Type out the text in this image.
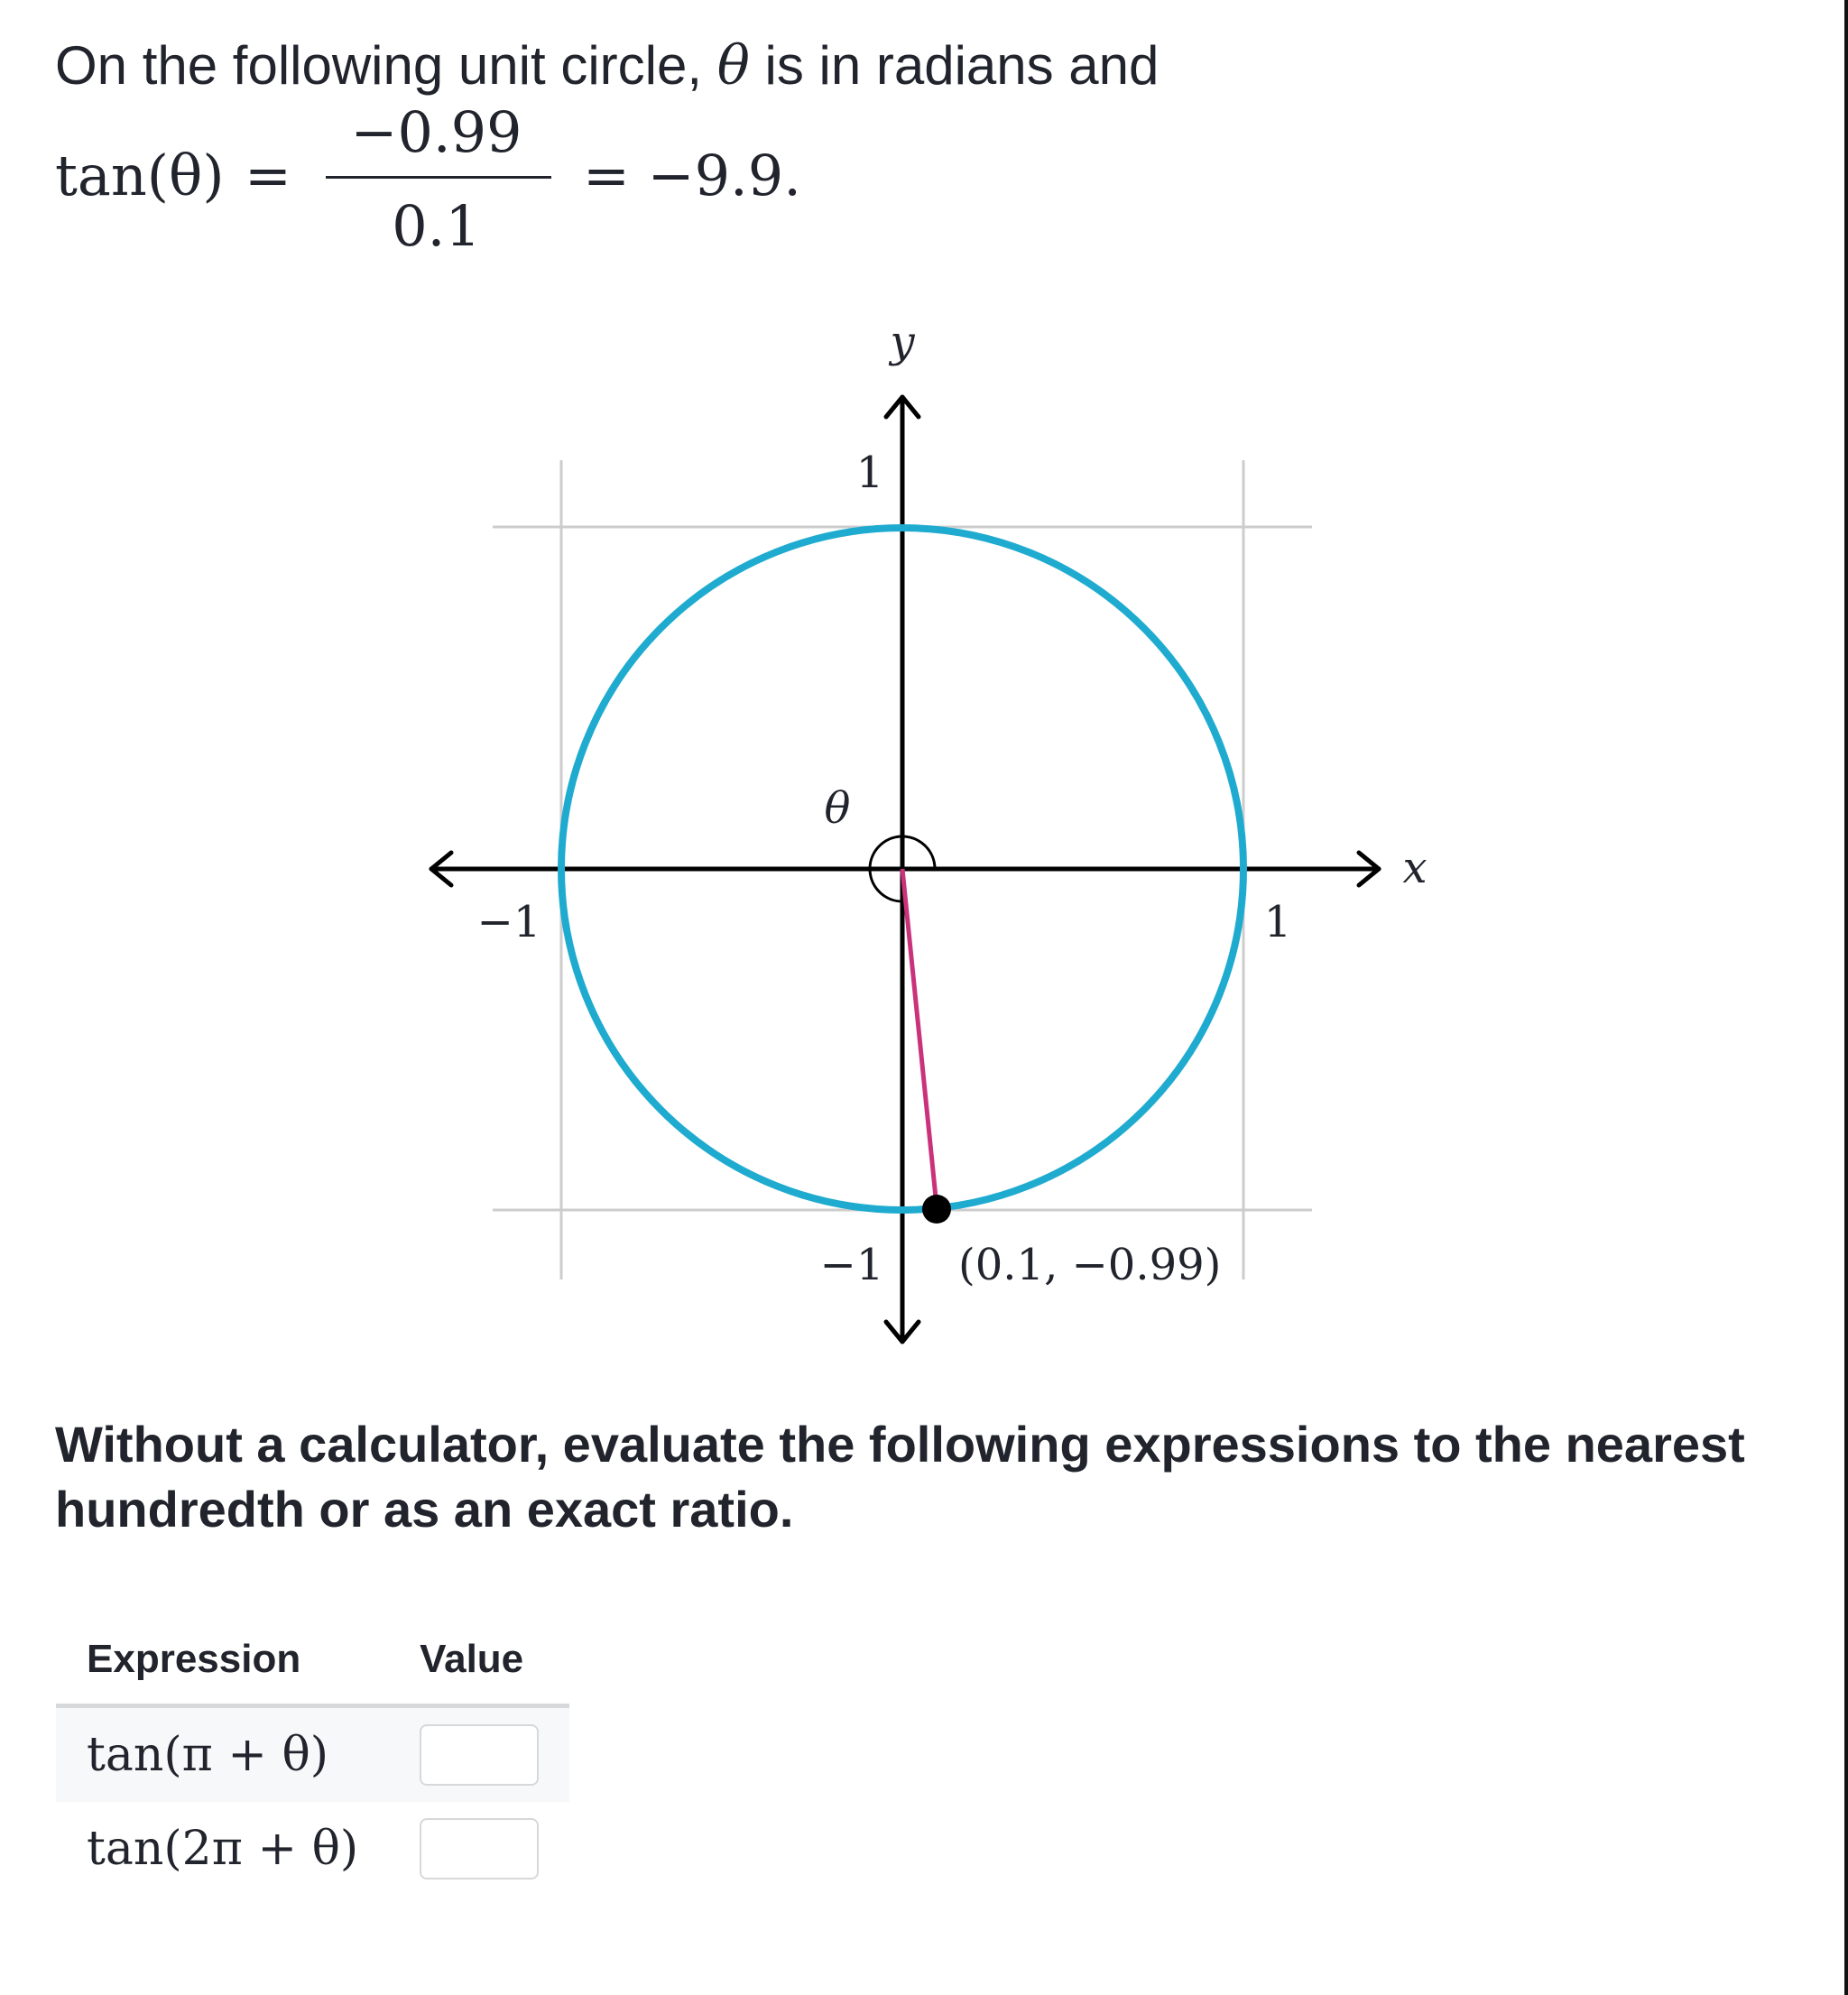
On the following unit circle, θ is in radians and
tan(θ) =
−0.99
0.1
= −9.9.
y
x
1
−1
−1	1
θ
(0.1, −0.99)
Without a calculator, evaluate the following expressions to the nearest hundredth or as an exact ratio.
Expression	Value
tan(π + θ)	

tan(2π + θ)	
